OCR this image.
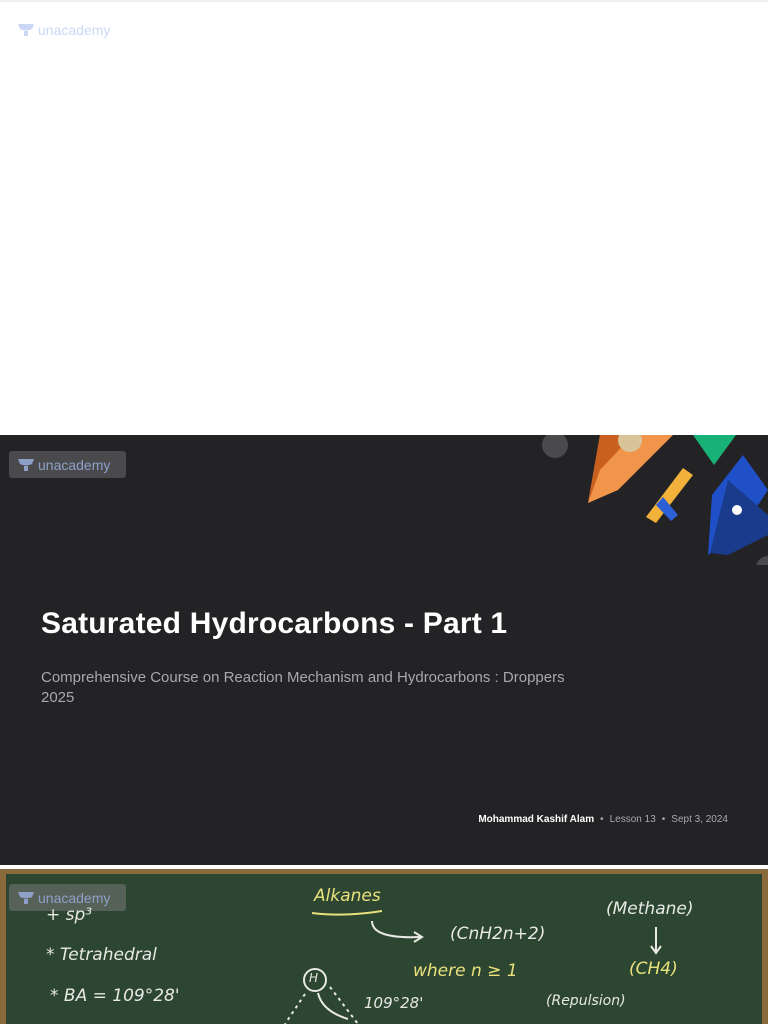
unacademy
unacademy
Saturated Hydrocarbons - Part 1
Comprehensive Course on Reaction Mechanism and Hydrocarbons : Droppers 2025
Mohammad Kashif Alam • Lesson 13 • Sept 3, 2024
unacademy
+ sp³
* Tetrahedral
* BA = 109°28'
Alkanes
(CnH2n+2)
where n ≥ 1
(Methane)
(CH4)
(Repulsion)
109°28'
H
